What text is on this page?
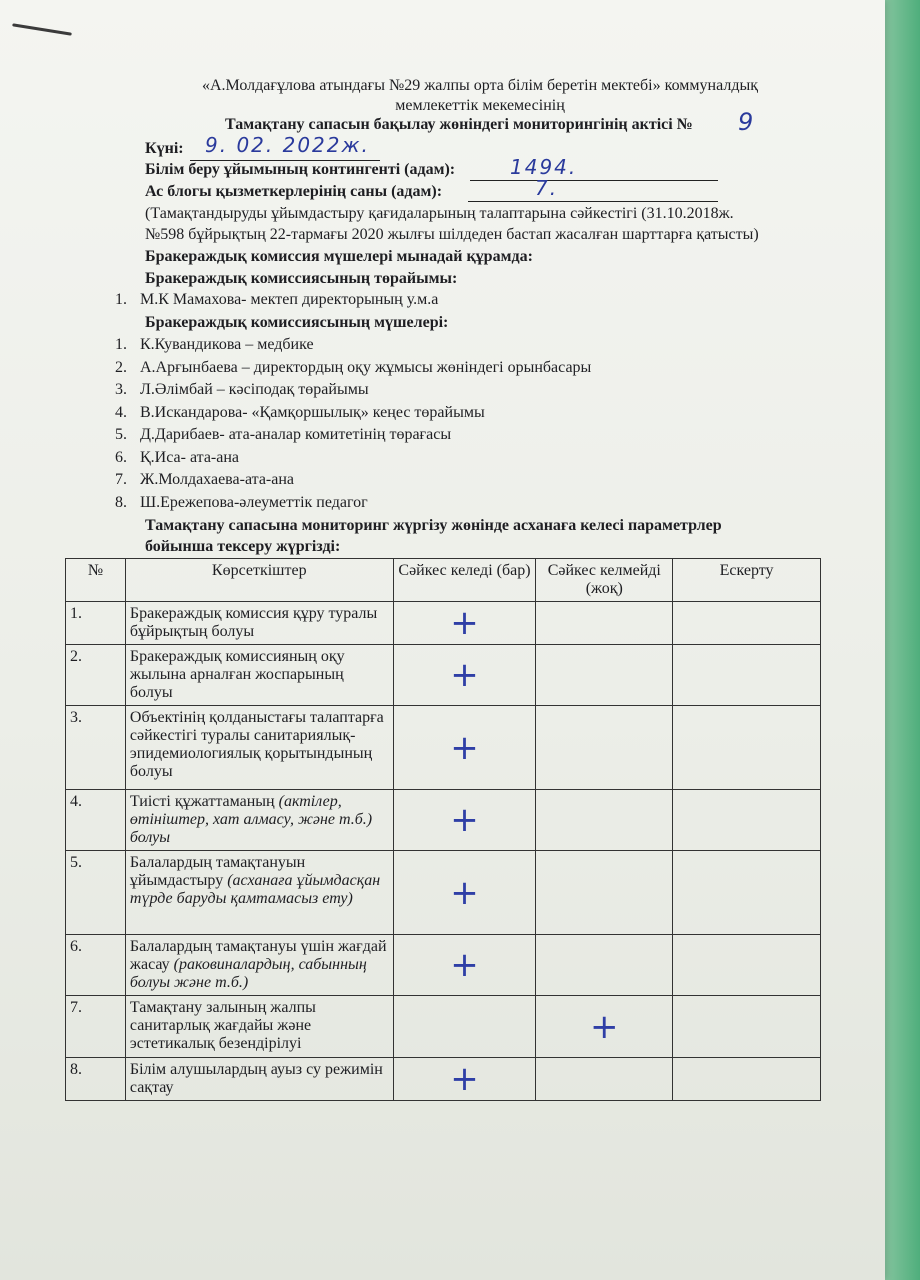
«А.Молдағұлова атындағы №29 жалпы орта білім беретін мектебі» коммуналдық
мемлекеттік мекемесінің
Тамақтану сапасын бақылау жөніндегі мониторингінің актісі № 9
Күні: 9. 02. 2022ж.
Білім беру ұйымының контингенті (адам):	1494.
Ас блогы қызметкерлерінің саны (адам):	7.
(Тамақтандыруды ұйымдастыру қағидаларының талаптарына сәйкестігі (31.10.2018ж.
№598 бұйрықтың 22-тармағы 2020 жылғы шілдеден бастап жасалған шарттарға қатысты)
Бракераждық комиссия мүшелері мынадай құрамда:
Бракераждық комиссиясының төрайымы:
1. М.К Мамахова- мектеп директорының у.м.а
Бракераждық комиссиясының мүшелері:
1. К.Кувандикова – медбике
2. А.Арғынбаева – директордың оқу жұмысы жөніндегі орынбасары
3. Л.Әлімбай – кәсіподақ төрайымы
4. В.Искандарова- «Қамқоршылық» кеңес төрайымы
5. Д.Дарибаев- ата-аналар комитетінің төрағасы
6. Қ.Иса- ата-ана
7. Ж.Молдахаева-ата-ана
8. Ш.Ережепова-әлеуметтік педагог
Тамақтану сапасына мониторинг жүргізу жөнінде асханаға келесі параметрлер
бойынша тексеру жүргізді:
№	Көрсеткіштер	Сәйкес келеді (бар)	Сәйкес келмейді (жоқ)	Ескерту
1.	Бракераждық комиссия құру туралы бұйрықтың болуы	+		
2.	Бракераждық комиссияның оқу жылына арналған жоспарының болуы	+		
3.	Объектінің қолданыстағы талаптарға сәйкестігі туралы санитариялық-эпидемиологиялық қорытындының болуы	+		
4.	Тиісті құжаттаманың (актілер, өтініштер, хат алмасу, және т.б.) болуы	+		
5.	Балалардың тамақтануын ұйымдастыру (асханаға ұйымдасқан түрде баруды қамтамасыз ету)	+		
6.	Балалардың тамақтануы үшін жағдай жасау (раковиналардың, сабынның болуы және т.б.)	+		
7.	Тамақтану залының жалпы санитарлық жағдайы және эстетикалық безендірілуі		+	
8.	Білім алушылардың ауыз су режимін сақтау	+		
